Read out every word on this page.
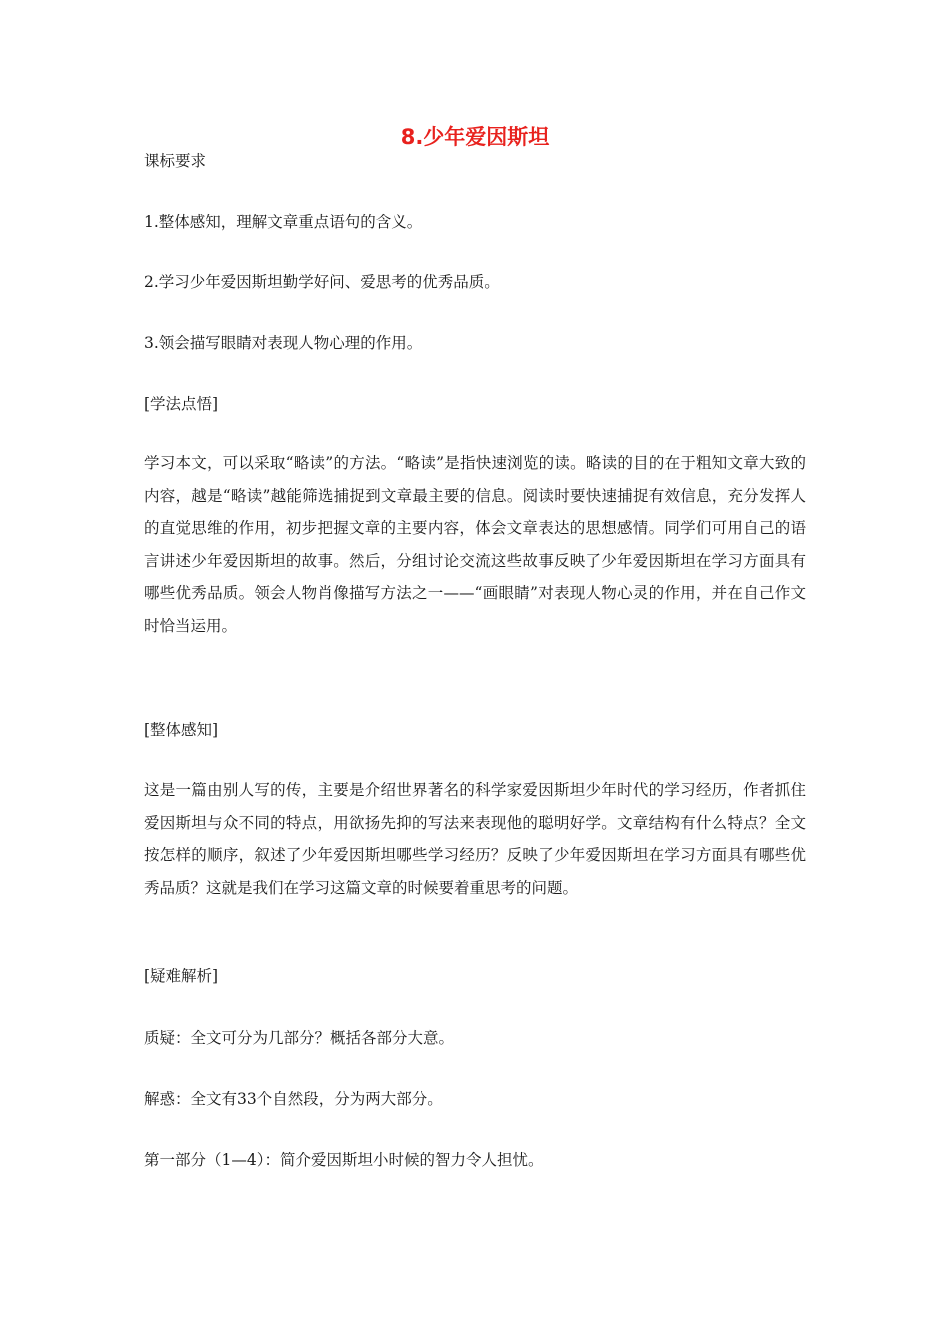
8.少年爱因斯坦
课标要求
1.整体感知，理解文章重点语句的含义。
2.学习少年爱因斯坦勤学好问、爱思考的优秀品质。
3.领会描写眼睛对表现人物心理的作用。
[学法点悟]
学习本文，可以采取“略读”的方法。“略读”是指快速浏览的读。略读的目的在于粗知文章大致的内容，越是“略读”越能筛选捕捉到文章最主要的信息。阅读时要快速捕捉有效信息，充分发挥人的直觉思维的作用，初步把握文章的主要内容，体会文章表达的思想感情。同学们可用自己的语言讲述少年爱因斯坦的故事。然后，分组讨论交流这些故事反映了少年爱因斯坦在学习方面具有哪些优秀品质。领会人物肖像描写方法之一——“画眼睛”对表现人物心灵的作用，并在自己作文时恰当运用。
[整体感知]
这是一篇由别人写的传，主要是介绍世界著名的科学家爱因斯坦少年时代的学习经历，作者抓住爱因斯坦与众不同的特点，用欲扬先抑的写法来表现他的聪明好学。文章结构有什么特点？全文按怎样的顺序，叙述了少年爱因斯坦哪些学习经历？反映了少年爱因斯坦在学习方面具有哪些优秀品质？这就是我们在学习这篇文章的时候要着重思考的问题。
[疑难解析]
质疑：全文可分为几部分？概括各部分大意。
解惑：全文有33个自然段，分为两大部分。
第一部分（1—4）：简介爱因斯坦小时候的智力令人担忧。
